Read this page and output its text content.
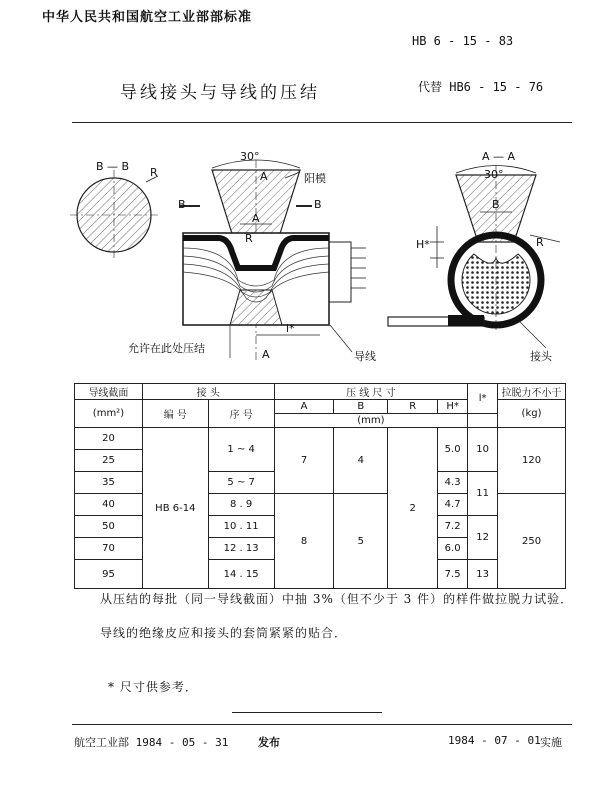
中华人民共和国航空工业部部标准
HB 6 - 15 - 83
导线接头与导线的压结	代替 HB6 - 15 - 76
B — B R
30°
A
B	B
阳模
A
R
l*
A
允许在此处压结
导线
A — A
30°
B
H*	R
接头
导线截面	接 头		压 线 尺 寸				l*	拉脱力不小于
(mm²)	编 号	序 号	A	B	R	H*		(kg)
			(mm)					
20	HB 6-14	1 ~ 4	7	4	2	5.0	10	120
25								
35		5 ~ 7				4.3	11	
40		8 . 9	8	5		4.7		250
50		10 . 11				7.2	12	
70		12 . 13				6.0		
95		14 . 15				7.5	13	
从压结的每批（同一导线截面）中抽 3%（但不少于 3 件）的样件做拉脱力试验．
导线的绝缘皮应和接头的套筒紧紧的贴合．
* 尺寸供参考．
航空工业部 1984 - 05 - 31	发布	1984 - 07 - 01 实施
